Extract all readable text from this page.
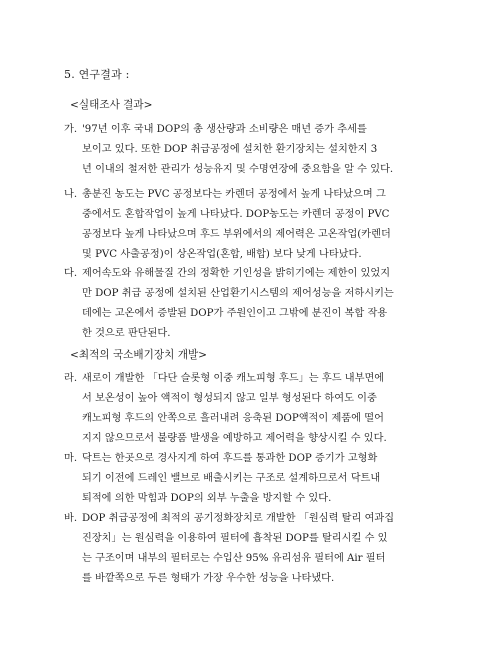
5. 연구결과 :
<실태조사 결과>
가. '97년 이후 국내 DOP의 총 생산량과 소비량은 매년 증가 추세를
보이고 있다. 또한 DOP 취급공정에 설치한 환기장치는 설치한지 3
년 이내의 철저한 관리가 성능유지 및 수명연장에 중요함을 알 수 있다.
나. 총분진 농도는 PVC 공정보다는 카렌더 공정에서 높게 나타났으며 그
중에서도 혼합작업이 높게 나타났다. DOP농도는 카렌더 공정이 PVC
공정보다 높게 나타났으며 후드 부위에서의 제어력은 고온작업(카렌더
및 PVC 사출공정)이 상온작업(혼합, 배합) 보다 낮게 나타났다.
다. 제어속도와 유해물질 간의 정확한 기인성을 밝히기에는 제한이 있었지
만 DOP 취급 공정에 설치된 산업환기시스템의 제어성능을 저하시키는
데에는 고온에서 증발된 DOP가 주원인이고 그밖에 분진이 복합 작용
한 것으로 판단된다.
<최적의 국소배기장치 개발>
라. 새로이 개발한 「다단 슬롯형 이중 캐노피형 후드」는 후드 내부면에
서 보온성이 높아 액적이 형성되지 않고 일부 형성된다 하여도 이중
캐노피형 후드의 안쪽으로 흘러내려 응축된 DOP액적이 제품에 떨어
지지 않으므로서 불량품 발생을 예방하고 제어력을 향상시킬 수 있다.
마. 닥트는 한곳으로 경사지게 하여 후드를 통과한 DOP 증기가 고형화
되기 이전에 드레인 밸브로 배출시키는 구조로 설계하므로서 닥트내
퇴적에 의한 막힘과 DOP의 외부 누출을 방지할 수 있다.
바. DOP 취급공정에 최적의 공기정화장치로 개발한 「원심력 탈리 여과집
진장치」는 원심력을 이용하여 필터에 흡착된 DOP를 탈리시킬 수 있
는 구조이며 내부의 필터로는 수입산 95% 유리섬유 필터에 Air 필터
를 바깥쪽으로 두른 형태가 가장 우수한 성능을 나타냈다.
